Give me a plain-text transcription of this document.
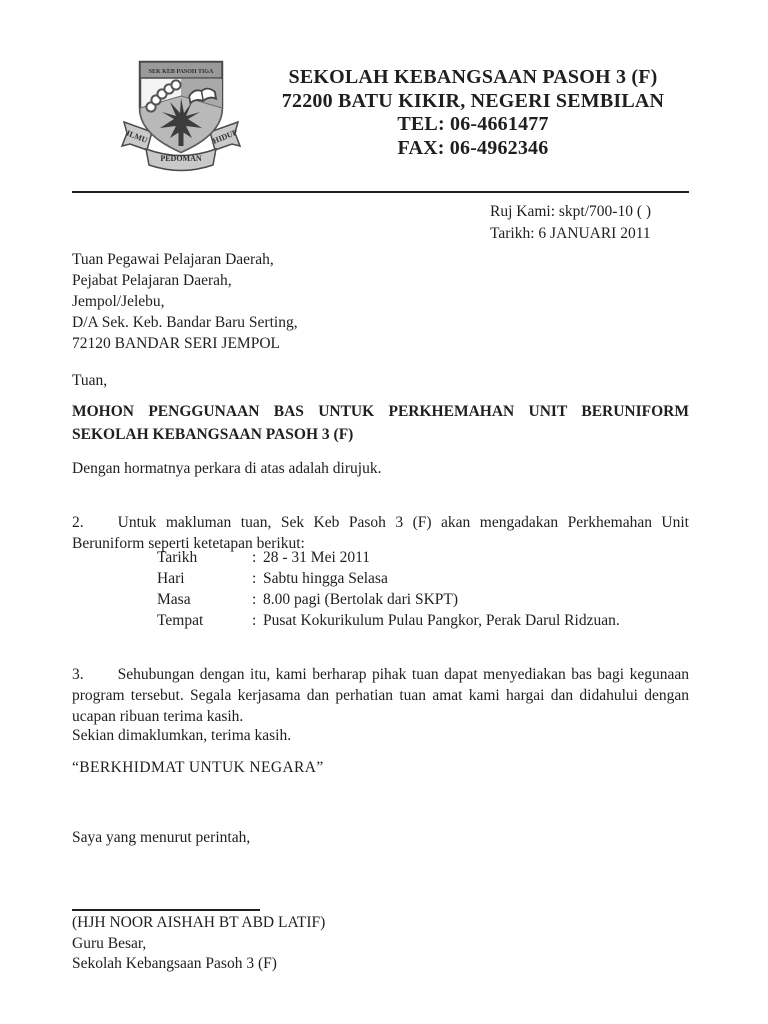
SEK KEB PASOH TIGA
ILMU
PEDOMAN
HIDUP
SEKOLAH KEBANGSAAN PASOH 3 (F)
72200 BATU KIKIR, NEGERI SEMBILAN
TEL: 06-4661477
FAX: 06-4962346
Ruj Kami: skpt/700-10 ( )
Tarikh: 6 JANUARI 2011
Tuan Pegawai Pelajaran Daerah,
Pejabat Pelajaran Daerah,
Jempol/Jelebu,
D/A Sek. Keb. Bandar Baru Serting,
72120 BANDAR SERI JEMPOL
Tuan,
MOHON PENGGUNAAN BAS UNTUK PERKHEMAHAN UNIT BERUNIFORM
SEKOLAH KEBANGSAAN PASOH 3 (F)
Dengan hormatnya perkara di atas adalah dirujuk.

2. Untuk makluman tuan, Sek Keb Pasoh 3 (F) akan mengadakan Perkhemahan Unit Beruniform seperti ketetapan berikut:

Tarikh	: 28 - 31 Mei 2011
Hari	: Sabtu hingga Selasa
Masa	: 8.00 pagi (Bertolak dari SKPT)
Tempat	: Pusat Kokurikulum Pulau Pangkor, Perak Darul Ridzuan.

3. Sehubungan dengan itu, kami berharap pihak tuan dapat menyediakan bas bagi kegunaan program tersebut. Segala kerjasama dan perhatian tuan amat kami hargai dan didahului dengan ucapan ribuan terima kasih.

Sekian dimaklumkan, terima kasih.
“BERKHIDMAT UNTUK NEGARA”
Saya yang menurut perintah,
(HJH NOOR AISHAH BT ABD LATIF)
Guru Besar,
Sekolah Kebangsaan Pasoh 3 (F)
